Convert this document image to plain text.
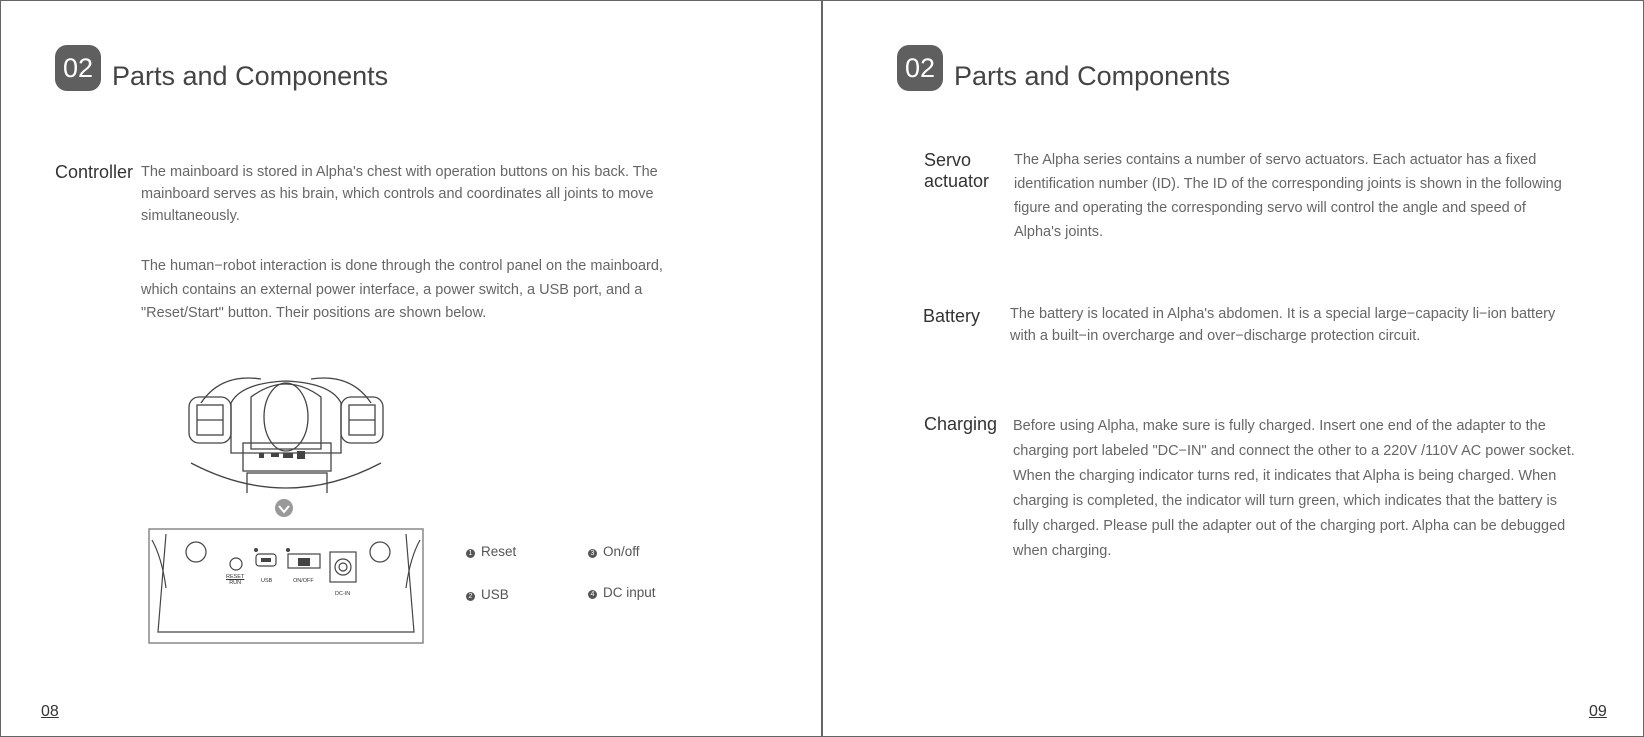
02 Parts and Components
Controller The mainboard is stored in Alpha's chest with operation buttons on his back. The
mainboard serves as his brain, which controls and coordinates all joints to move
simultaneously.
The human−robot interaction is done through the control panel on the mainboard,
which contains an external power interface, a power switch, a USB port, and a
"Reset/Start" button. Their positions are shown below.
RESET
RUN	USB	ON/OFF
DC-IN
1 Reset
2 USB
3 On/off
4 DC input
08
02 Parts and Components
Servo
actuator
The Alpha series contains a number of servo actuators. Each actuator has a fixed
identification number (ID). The ID of the corresponding joints is shown in the following
figure and operating the corresponding servo will control the angle and speed of
Alpha's joints.
Battery The battery is located in Alpha's abdomen. It is a special large−capacity li−ion battery
with a built−in overcharge and over−discharge protection circuit.
Charging Before using Alpha, make sure is fully charged. Insert one end of the adapter to the
charging port labeled "DC−IN" and connect the other to a 220V /110V AC power socket.
When the charging indicator turns red, it indicates that Alpha is being charged. When
charging is completed, the indicator will turn green, which indicates that the battery is
fully charged. Please pull the adapter out of the charging port. Alpha can be debugged
when charging.
09
